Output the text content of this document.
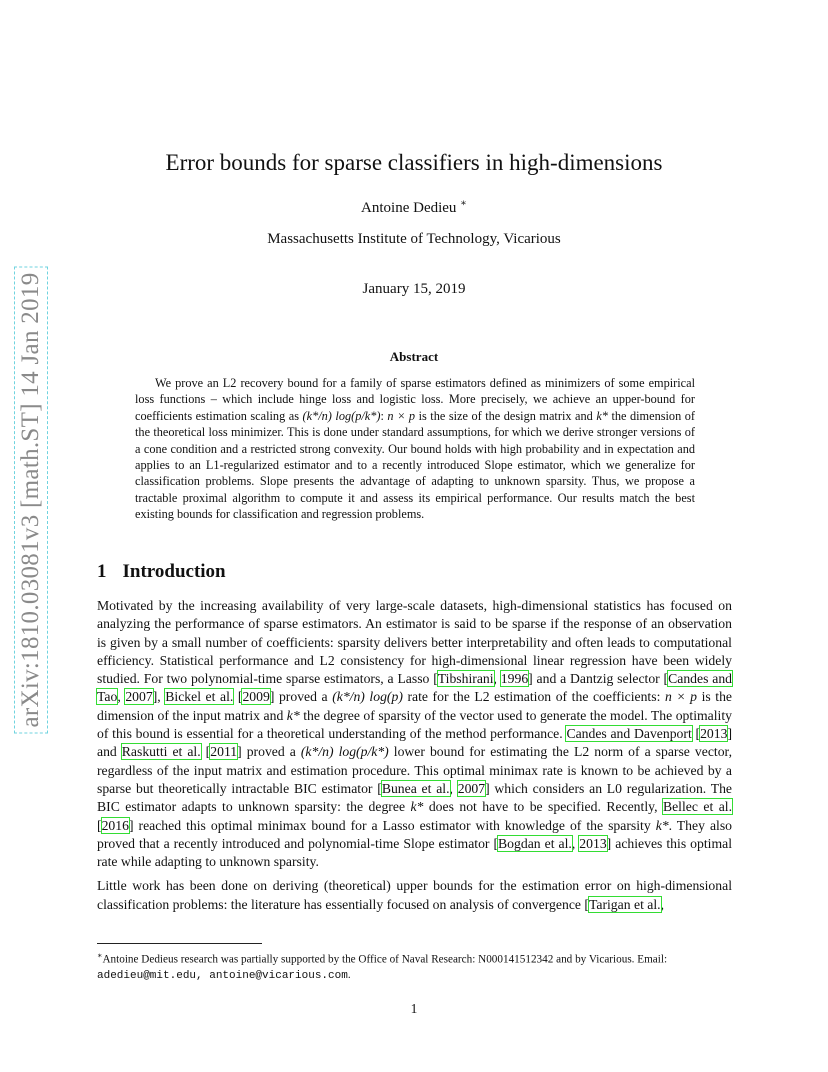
arXiv:1810.03081v3 [math.ST] 14 Jan 2019
Error bounds for sparse classifiers in high-dimensions
Antoine Dedieu ∗
Massachusetts Institute of Technology, Vicarious
January 15, 2019
Abstract

We prove an L2 recovery bound for a family of sparse estimators defined as minimizers of some empirical loss functions – which include hinge loss and logistic loss. More precisely, we achieve an upper-bound for coefficients estimation scaling as (k*/n) log(p/k*): n × p is the size of the design matrix and k* the dimension of the theoretical loss minimizer. This is done under standard assumptions, for which we derive stronger versions of a cone condition and a restricted strong convexity. Our bound holds with high probability and in expectation and applies to an L1-regularized estimator and to a recently introduced Slope estimator, which we generalize for classification problems. Slope presents the advantage of adapting to unknown sparsity. Thus, we propose a tractable proximal algorithm to compute it and assess its empirical performance. Our results match the best existing bounds for classification and regression problems.

1 Introduction

Motivated by the increasing availability of very large-scale datasets, high-dimensional statistics has focused on analyzing the performance of sparse estimators. An estimator is said to be sparse if the response of an observation is given by a small number of coefficients: sparsity delivers better interpretability and often leads to computational efficiency. Statistical performance and L2 consistency for high-dimensional linear regression have been widely studied. For two polynomial-time sparse estimators, a Lasso [Tibshirani, 1996] and a Dantzig selector [Candes and Tao, 2007], Bickel et al. [2009] proved a (k*/n) log(p) rate for the L2 estimation of the coefficients: n × p is the dimension of the input matrix and k* the degree of sparsity of the vector used to generate the model. The optimality of this bound is essential for a theoretical understanding of the method performance. Candes and Davenport [2013] and Raskutti et al. [2011] proved a (k*/n) log(p/k*) lower bound for estimating the L2 norm of a sparse vector, regardless of the input matrix and estimation procedure. This optimal minimax rate is known to be achieved by a sparse but theoretically intractable BIC estimator [Bunea et al., 2007] which considers an L0 regularization. The BIC estimator adapts to unknown sparsity: the degree k* does not have to be specified. Recently, Bellec et al. [2016] reached this optimal minimax bound for a Lasso estimator with knowledge of the sparsity k*. They also proved that a recently introduced and polynomial-time Slope estimator [Bogdan et al., 2013] achieves this optimal rate while adapting to unknown sparsity.

Little work has been done on deriving (theoretical) upper bounds for the estimation error on high-dimensional classification problems: the literature has essentially focused on analysis of convergence [Tarigan et al.,

∗Antoine Dedieus research was partially supported by the Office of Naval Research: N000141512342 and by Vicarious. Email: adedieu@mit.edu, antoine@vicarious.com.
1
